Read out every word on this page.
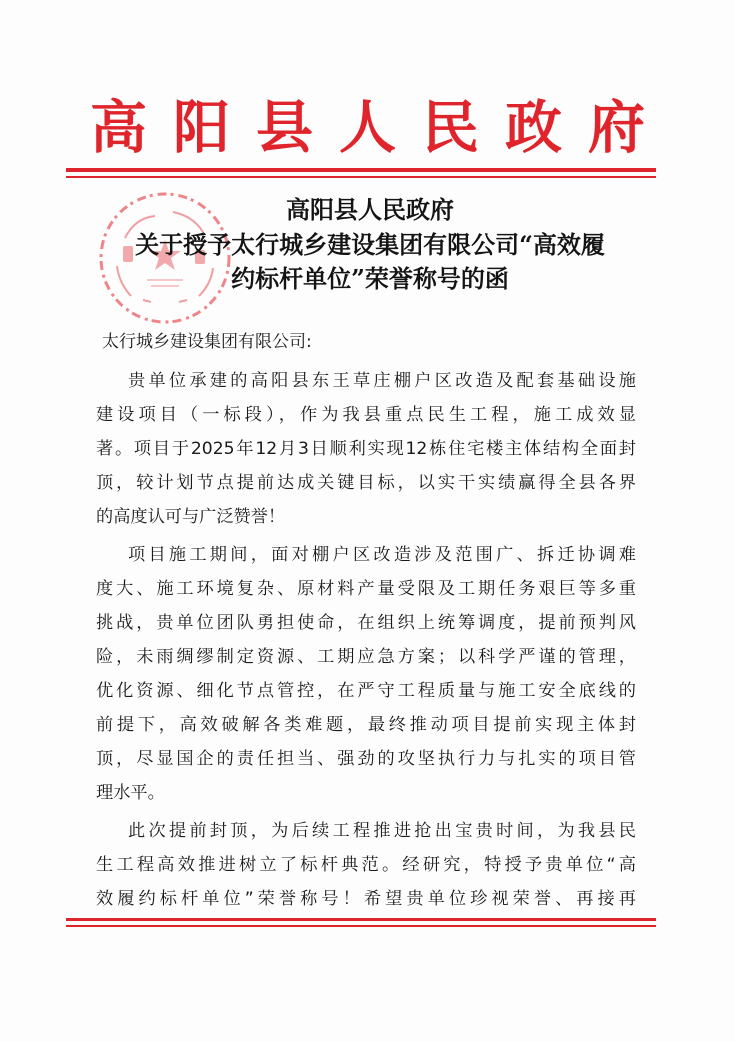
高阳县人民政府
高阳县人民政府
关于授予太行城乡建设集团有限公司“高效履
约标杆单位”荣誉称号的函
太行城乡建设集团有限公司:
贵单位承建的高阳县东王草庄棚户区改造及配套基础设施
建设项目（一标段），作为我县重点民生工程，施工成效显
著。项目于2025年12月3日顺利实现12栋住宅楼主体结构全面封
顶，较计划节点提前达成关键目标，以实干实绩赢得全县各界
的高度认可与广泛赞誉！
项目施工期间，面对棚户区改造涉及范围广、拆迁协调难
度大、施工环境复杂、原材料产量受限及工期任务艰巨等多重
挑战，贵单位团队勇担使命，在组织上统筹调度，提前预判风
险，未雨绸缪制定资源、工期应急方案；以科学严谨的管理，
优化资源、细化节点管控，在严守工程质量与施工安全底线的
前提下，高效破解各类难题，最终推动项目提前实现主体封
顶，尽显国企的责任担当、强劲的攻坚执行力与扎实的项目管
理水平。
此次提前封顶，为后续工程推进抢出宝贵时间，为我县民
生工程高效推进树立了标杆典范。经研究，特授予贵单位“高
效履约标杆单位”荣誉称号！希望贵单位珍视荣誉、再接再
